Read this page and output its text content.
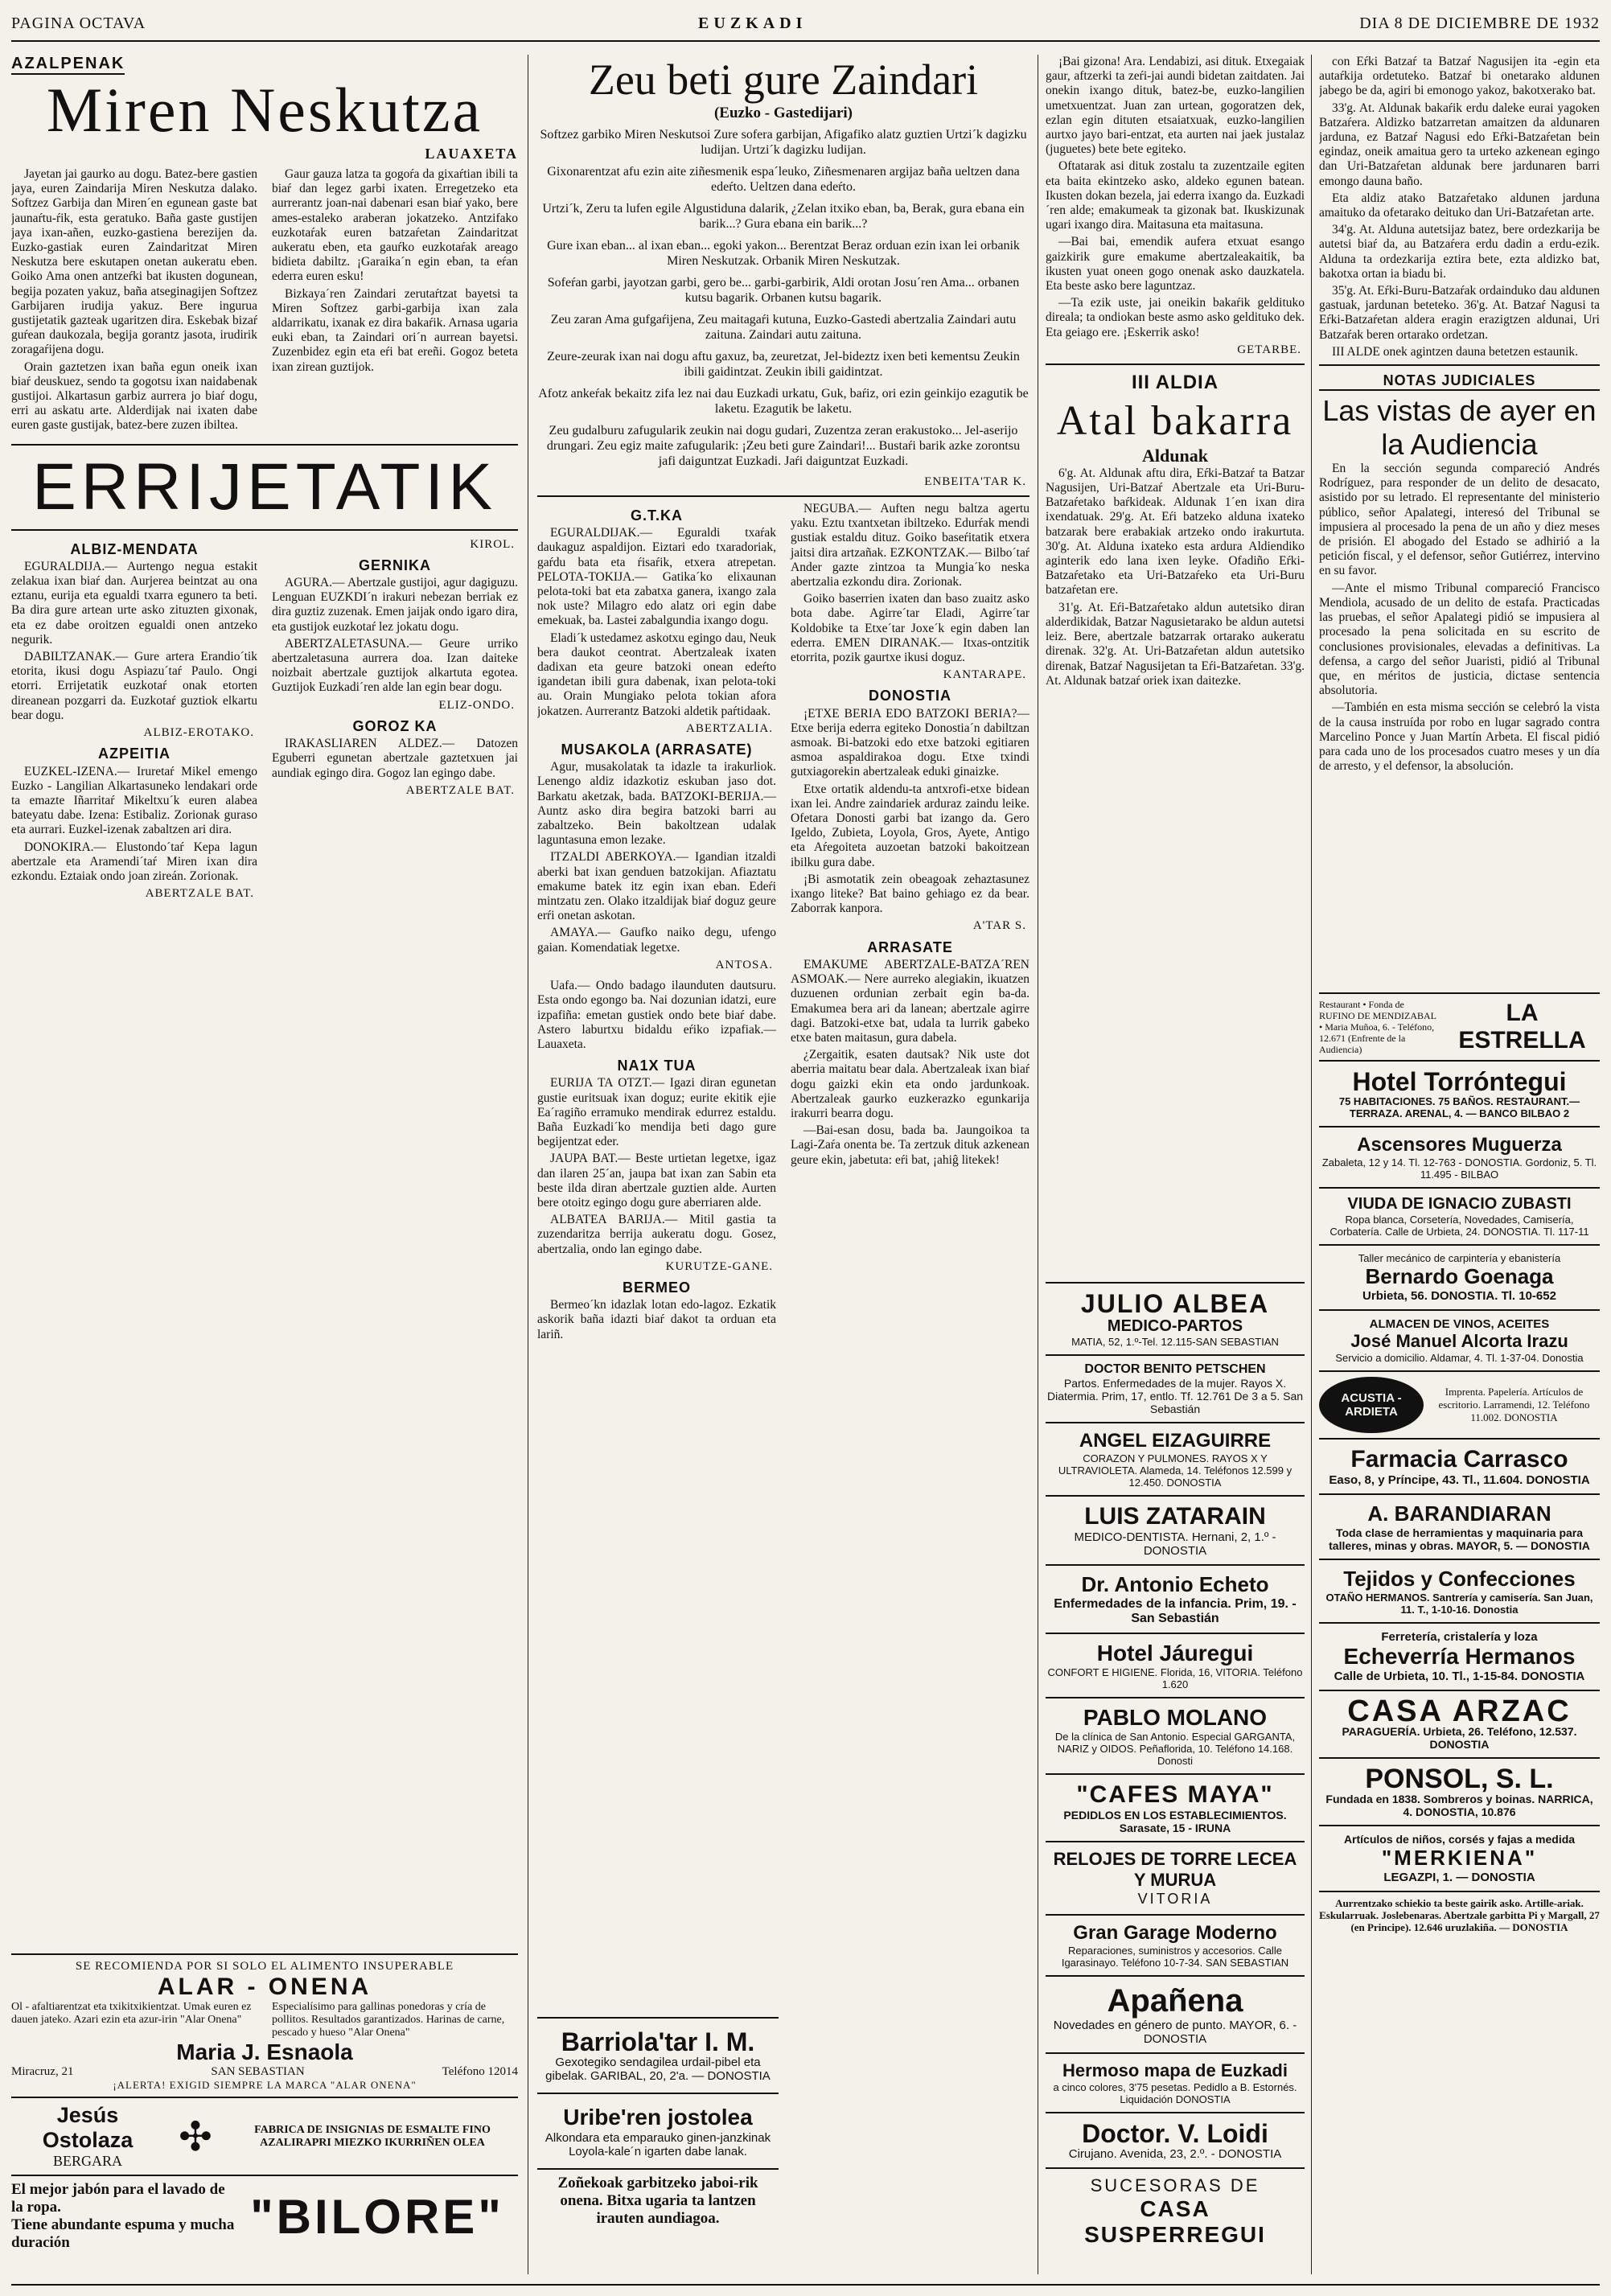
PAGINA OCTAVA	EUZKADI	DIA 8 DE DICIEMBRE DE 1932
AZALPENAK
Miren Neskutza
LAUAXETA

Jayetan jai gaurko au dogu. Batez-bere gastien jaya, euren Zaindarija Miren Neskutza dalako. Softzez Garbija dan Miren´en egunean gaste bat jaunaŕtu-ŕik, esta geratuko. Baña gaste gustijen jaya ixan-añen, euzko-gastiena berezijen da. Euzko-gastiak euren Zaindaritzat Miren Neskutza bere eskutapen onetan aukeratu eben. Goiko Ama onen antzeŕki bat ikusten dogunean, begija pozaten yakuz, baña atseginagijen Softzez Garbijaren irudija yakuz. Bere ingurua gustijetatik gazteak ugaritzen dira. Eskebak bizaŕ guŕean daukozala, begija gorantz jasota, irudirik zoragaŕijena dogu.

Orain gaztetzen ixan baña egun oneik ixan biaŕ deuskuez, sendo ta gogotsu ixan naidabenak gustijoi. Alkartasun garbiz aurrera jo biaŕ dogu, erri au askatu arte. Alderdijak nai ixaten dabe euren gaste gustijak, batez-bere zuzen ibiltea.

Gaur gauza latza ta gogoŕa da gixaŕtian ibili ta biaŕ dan legez garbi ixaten. Erregetzeko eta aurrerantz joan-nai dabenari esan biaŕ yako, bere ames-estaleko araberan jokatzeko. Antzifako euzkotaŕak euren batzaŕetan Zaindaritzat aukeratu eben, eta gauŕko euzkotaŕak areago bidieta dabiltz. ¡Garaika´n egin eban, ta eŕan ederra euren esku!

Bizkaya´ren Zaindari zerutaŕtzat bayetsi ta Miren Softzez garbi-garbija ixan zala aldarrikatu, ixanak ez dira bakaŕik. Arnasa ugaria euki eban, ta Zaindari ori´n aurrean bayetsi. Zuzenbidez egin eta eŕi bat ereñi. Gogoz beteta ixan zirean guztijok.

ERRIJETATIK
ALBIZ-MENDATA

EGURALDIJA.— Aurtengo negua estakit zelakua ixan biaŕ dan. Aurjerea beintzat au ona eztanu, eurija eta egualdi txarra egunero ta beti. Ba dira gure artean urte asko zituzten gixonak, eta ez dabe oroitzen egualdi onen antzeko negurik.

DABILTZANAK.— Gure artera Erandio´tik etorita, ikusi dogu Aspiazu´taŕ Paulo. Ongi etorri. Errijetatik euzkotaŕ onak etorten direanean pozgarri da. Euzkotaŕ guztiok elkartu bear dogu.

ALBIZ-EROTAKO.
AZPEITIA

EUZKEL-IZENA.— Iruretaŕ Mikel emengo Euzko - Langilian Alkartasuneko lendakari orde ta emazte Iñarritaŕ Mikeltxu´k euren alabea bateyatu dabe. Izena: Estibaliz. Zorionak guraso eta aurrari. Euzkel-izenak zabaltzen ari dira.

DONOKIRA.— Elustondo´taŕ Kepa lagun abertzale eta Aramendi´taŕ Miren ixan dira ezkondu. Eztaiak ondo joan zireán. Zorionak.

ABERTZALE BAT.
KIROL.
GERNIKA

AGURA.— Abertzale gustijoi, agur dagiguzu. Lenguan EUZKDI´n irakuri nebezan berriak ez dira guztiz zuzenak. Emen jaijak ondo igaro dira, eta gustijok euzkotaŕ lez jokatu dogu.

ABERTZALETASUNA.— Geure urriko abertzaletasuna aurrera doa. Izan daiteke noizbait abertzale guztijok alkartuta egotea. Guztijok Euzkadi´ren alde lan egin bear dogu.

ELIZ-ONDO.
GOROZ KA

IRAKASLIAREN ALDEZ.— Datozen Eguberri egunetan abertzale gaztetxuen jai aundiak egingo dira. Gogoz lan egingo dabe.

ABERTZALE BAT.
SE RECOMIENDA POR SI SOLO EL ALIMENTO INSUPERABLE
ALAR - ONENA
Ol - afaltiarentzat eta txikitxikientzat. Umak euren ez dauen jateko. Azari ezin eta azur-irin "Alar Onena"
Especialísimo para gallinas ponedoras y cría de pollitos. Resultados garantizados. Harinas de carne, pescado y hueso "Alar Onena"
Maria J. Esnaola
Miracruz, 21	SAN SEBASTIAN	Teléfono 12014
¡ALERTA! EXIGID SIEMPRE LA MARCA "ALAR ONENA"
Jesús Ostolaza
BERGARA
✣	FABRICA DE INSIGNIAS DE ESMALTE FINO AZALIRAPRI MIEZKO IKURRIÑEN OLEA
El mejor jabón para el lavado de la ropa.
Tiene abundante espuma y mucha duración	"BILORE"
Zeu beti gure Zaindari
(Euzko - Gastedijari)

Softzez garbiko Miren Neskutsoi Zure sofera garbijan, Afigafiko alatz guztien Urtzi´k dagizku ludijan. Urtzi´k dagizku ludijan.

Gixonarentzat afu ezin aite ziñesmenik espa´leuko, Ziñesmenaren argijaz baña ueltzen dana edeŕto. Ueltzen dana edeŕto.

Urtzi´k, Zeru ta lufen egile Algustiduna dalarik, ¿Zelan itxiko eban, ba, Berak, gura ebana ein barik...? Gura ebana ein barik...?

Gure ixan eban... al ixan eban... egoki yakon... Berentzat Beraz orduan ezin ixan lei orbanik Miren Neskutzak. Orbanik Miren Neskutzak.

Sofeŕan garbi, jayotzan garbi, gero be... garbi-garbirik, Aldi orotan Josu´ren Ama... orbanen kutsu bagarik. Orbanen kutsu bagarik.

Zeu zaran Ama gufgaŕijena, Zeu maitagaŕi kutuna, Euzko-Gastedi abertzalia Zaindari autu zaituna. Zaindari autu zaituna.

Zeure-zeurak ixan nai dogu aftu gaxuz, ba, zeuretzat, Jel-bideztz ixen beti kementsu Zeukin ibili gaidintzat. Zeukin ibili gaidintzat.

Afotz ankeŕak bekaitz zifa lez nai dau Euzkadi urkatu, Guk, baŕiz, ori ezin geinkijo ezagutik be laketu. Ezagutik be laketu.

Zeu gudalburu zafugularik zeukin nai dogu gudari, Zuzentza zeran erakustoko... Jel-aserijo drungari. Zeu egiz maite zafugularik: ¡Zeu beti gure Zaindari!... Bustaŕi barik azke zorontsu jafi daiguntzat Euzkadi. Jaŕi daiguntzat Euzkadi.

ENBEITA'TAR K.
G.T.KA

EGURALDIJAK.— Eguraldi txaŕak daukaguz aspaldijon. Eiztari edo txaradoriak, gaŕdu bata eta ŕisaŕik, etxera atrepetan. PELOTA-TOKIJA.— Gatika´ko elixaunan pelota-toki bat eta zabatxa ganera, ixango zala nok uste? Milagro edo alatz ori egin dabe emekuak, ba. Lastei zabalgundia ixango dogu.

Eladi´k ustedamez askotxu egingo dau, Neuk bera daukot ceontrat. Abertzaleak ixaten dadixan eta geure batzoki onean edeŕto igandetan ibili gura dabenak, ixan pelota-toki au. Orain Mungiako pelota tokian afora jokatzen. Aurrerantz Batzoki aldetik paŕtidaak.

ABERTZALIA.
MUSAKOLA (ARRASATE)

Agur, musakolatak ta idazle ta irakurliok. Lenengo aldiz idazkotiz eskuban jaso dot. Barkatu aketzak, bada. BATZOKI-BERIJA.— Auntz asko dira begira batzoki barri au zabaltzeko. Bein bakoltzean udalak laguntasuna emon lezake.

ITZALDI ABERKOYA.— Igandian itzaldi aberki bat ixan genduen batzokijan. Afiaztatu emakume batek itz egin ixan eban. Edeŕi mintzatu zen. Olako itzaldijak biaŕ doguz geure erŕi onetan askotan.

AMAYA.— Gaufko naiko degu, ufengo gaian. Komendatiak legetxe.

ANTOSA.

Uafa.— Ondo badago ilaunduten dautsuru. Esta ondo egongo ba. Nai dozunian idatzi, eure izpafiña: emetan gustiek ondo bete biaŕ dabe. Astero laburtxu bidaldu eŕiko izpafiak.— Lauaxeta.

NA1X TUA

EURIJA TA OTZT.— Igazi diran egunetan gustie euritsuak ixan doguz; eurite ekitik ejie Ea´ragiño erramuko mendirak edurrez estaldu. Baña Euzkadi´ko mendija beti dago gure begijentzat eder.

JAUPA BAT.— Beste urtietan legetxe, igaz dan ilaren 25´an, jaupa bat ixan zan Sabin eta beste ilda diran abertzale guztien alde. Aurten bere otoitz egingo dogu gure aberriaren alde.

ALBATEA BARIJA.— Mitil gastia ta zuzendaritza berrija aukeratu dogu. Gosez, abertzalia, ondo lan egingo dabe.

KURUTZE-GANE.
BERMEO

Bermeo´kn idazlak lotan edo-lagoz. Ezkatik askorik baña idazti biaŕ dakot ta orduan eta lariñ.

NEGUBA.— Auften negu baltza agertu yaku. Eztu txantxetan ibiltzeko. Edurŕak mendi gustiak estaldu dituz. Goiko baseŕitatik etxera jaitsi dira artzañak. EZKONTZAK.— Bilbo´taŕ Ander gazte zintzoa ta Mungia´ko neska abertzalia ezkondu dira. Zorionak.

Goiko baserrien ixaten dan baso zuaitz asko bota dabe. Agirre´tar Eladi, Agirre´tar Koldobike ta Etxe´tar Joxe´k egin daben lan ederra. EMEN DIRANAK.— Itxas-ontzitik etorrita, pozik gaurtxe ikusi doguz.

KANTARAPE.
DONOSTIA

¡ETXE BERIA EDO BATZOKI BERIA?— Etxe berija ederra egiteko Donostia´n dabiltzan asmoak. Bi-batzoki edo etxe batzoki egitiaren asmoa aspaldirakoa dogu. Etxe txindi gutxiagorekin abertzaleak eduki ginaizke.

Etxe ortatik aldendu-ta antxrofi-etxe bidean ixan lei. Andre zaindariek arduraz zaindu leike. Ofetara Donosti garbi bat izango da. Gero Igeldo, Zubieta, Loyola, Gros, Ayete, Antigo eta Aŕegoiteta auzoetan batzoki bakoitzean ibilku gura dabe.

¡Bi asmotatik zein obeagoak zehaztasunez ixango liteke? Bat baino gehiago ez da bear. Zaborrak kanpora.

A'TAR S.
ARRASATE

EMAKUME ABERTZALE-BATZA´REN ASMOAK.— Nere aurreko alegiakin, ikuatzen duzuenen ordunian zerbait egin ba-da. Emakumea bera ari da lanean; abertzale agirre dagi. Batzoki-etxe bat, udala ta lurrik gabeko etxe baten maitasun, gura dabela.

¿Zergaitik, esaten dautsak? Nik uste dot aberria maitatu bear dala. Abertzaleak ixan biaŕ dogu gaizki ekin eta ondo jardunkoak. Abertzaleak gaurko euzkerazko egunkarija irakurri bearra dogu.

—Bai-esan dosu, bada ba. Jaungoikoa ta Lagi-Zaŕa onenta be. Ta zertzuk dituk azkenean geure ekin, jabetuta: eŕi bat, ¡ahiĝ litekek!

Barriola'tar I. M.
Gexotegiko sendagilea urdail-pibel eta gibelak. GARIBAL, 20, 2'a. — DONOSTIA
Uribe'ren jostolea
Alkondara eta emparauko ginen-janzkinak Loyola-kale´n igarten dabe lanak.
Zoñekoak garbitzeko jaboi-rik onena. Bitxa ugaria ta lantzen irauten aundiagoa.

¡Bai gizona! Ara. Lendabizi, asi dituk. Etxegaiak gaur, aftzerki ta zeŕi-jai aundi bidetan zaitdaten. Jai onekin ixango dituk, batez-be, euzko-langilien umetxuentzat. Juan zan urtean, gogoratzen dek, ezlan egin dituten etsaiatxuak, euzko-langilien aurtxo jayo bari-entzat, eta aurten nai jaek justalaz (juguetes) bete bete egiteko.

Oftatarak asi dituk zostalu ta zuzentzaile egiten eta baita ekintzeko asko, aldeko egunen batean. Ikusten dokan bezela, jai ederra ixango da. Euzkadi´ren alde; emakumeak ta gizonak bat. Ikuskizunak ugari ixango dira. Maitasuna eta maitasuna.

—Bai bai, emendik aufera etxuat esango gaizkirik gure emakume abertzaleakaitik, ba ikusten yuat oneen gogo onenak asko dauzkatela. Eta beste asko bere laguntzaz.

—Ta ezik uste, jai oneikin bakaŕik geldituko direala; ta ondiokan beste asmo asko geldituko dek. Eta geiago ere. ¡Eskerrik asko!

GETARBE.
III ALDIA
Atal bakarra
Aldunak

6'g. At. Aldunak aftu dira, Eŕki-Batzaŕ ta Batzar Nagusijen, Uri-Batzaŕ Abertzale eta Uri-Buru-Batzaŕetako baŕkideak. Aldunak 1´en ixan dira ixendatuak. 29'g. At. Eŕi batzeko alduna ixateko batzarak bere erabakiak artzeko ondo irakurtuta. 30'g. At. Alduna ixateko esta ardura Aldiendiko aginterik edo lana ixen leyke. Ofadiño Eŕki-Batzaŕetako eta Uri-Batzaŕeko eta Uri-Buru batzaŕetan ere.

31'g. At. Eŕi-Batzaŕetako aldun autetsiko diran alderdikidak, Batzar Nagusietarako be aldun autetsi leiz. Bere, abertzale batzarrak ortarako aukeratu direnak. 32'g. At. Uri-Batzaŕetan aldun autetsiko direnak, Batzaŕ Nagusijetan ta Eŕi-Batzaŕetan. 33'g. At. Aldunak batzaŕ oriek ixan daitezke.

JULIO ALBEA
MEDICO-PARTOS
MATIA, 52, 1.º-Tel. 12.115-SAN SEBASTIAN
DOCTOR BENITO PETSCHEN
Partos. Enfermedades de la mujer. Rayos X. Diatermia. Prim, 17, entlo. Tf. 12.761 De 3 a 5. San Sebastián
ANGEL EIZAGUIRRE
CORAZON Y PULMONES. RAYOS X Y ULTRAVIOLETA. Alameda, 14. Teléfonos 12.599 y 12.450. DONOSTIA
LUIS ZATARAIN
MEDICO-DENTISTA. Hernani, 2, 1.º - DONOSTIA
Dr. Antonio Echeto
Enfermedades de la infancia. Prim, 19. - San Sebastián
Hotel Jáuregui
CONFORT E HIGIENE. Florida, 16, VITORIA. Teléfono 1.620
PABLO MOLANO
De la clínica de San Antonio. Especial GARGANTA, NARIZ y OIDOS. Peñaflorida, 10. Teléfono 14.168. Donosti
"CAFES MAYA"
PEDIDLOS EN LOS ESTABLECIMIENTOS. Sarasate, 15 - IRUNA
RELOJES DE TORRE LECEA Y MURUA
VITORIA
Gran Garage Moderno
Reparaciones, suministros y accesorios. Calle Igarasinayo. Teléfono 10-7-34. SAN SEBASTIAN
Apañena
Novedades en género de punto. MAYOR, 6. - DONOSTIA
Hermoso mapa de Euzkadi
a cinco colores, 3'75 pesetas. Pedidlo a B. Estornés. Liquidación DONOSTIA
Doctor. V. Loidi
Cirujano. Avenida, 23, 2.º. - DONOSTIA
SUCESORAS DE
CASA SUSPERREGUI

con Eŕki Batzaŕ ta Batzaŕ Nagusijen ita -egin eta autaŕkija ordetuteko. Batzaŕ bi onetarako aldunen jabego be da, agiri bi emonogo yakoz, bakotxerako bat.

33'g. At. Aldunak bakaŕik erdu daleke eurai yagoken Batzaŕera. Aldizko batzarretan amaitzen da aldunaren jarduna, ez Batzaŕ Nagusi edo Eŕki-Batzaŕetan bein egindaz, oneik amaitua gero ta urteko azkenean egingo dan Uri-Batzaŕetan aldunak bere jardunaren barri emongo dauna baño.

Eta aldiz atako Batzaŕetako aldunen jarduna amaituko da ofetarako deituko dan Uri-Batzaŕetan arte.

34'g. At. Alduna autetsijaz batez, bere ordezkarija be autetsi biaŕ da, au Batzaŕera erdu dadin a erdu-ezik. Alduna ta ordezkarija eztira bete, ezta aldizko bat, bakotxa ortan ia biadu bi.

35'g. At. Eŕki-Buru-Batzaŕak ordainduko dau aldunen gastuak, jardunan beteteko. 36'g. At. Batzaŕ Nagusi ta Eŕki-Batzaŕetan aldera eragin erazigtzen aldunai, Uri Batzaŕak beren ortarako ordetzan.

III ALDE onek agintzen dauna betetzen estaunik.

NOTAS JUDICIALES
Las vistas de ayer en la Audiencia

En la sección segunda compareció Andrés Rodríguez, para responder de un delito de desacato, asistido por su letrado. El representante del ministerio público, señor Apalategi, interesó del Tribunal se impusiera al procesado la pena de un año y diez meses de prisión. El abogado del Estado se adhirió a la petición fiscal, y el defensor, señor Gutiérrez, intervino en su favor.

—Ante el mismo Tribunal compareció Francisco Mendiola, acusado de un delito de estafa. Practicadas las pruebas, el señor Apalategi pidió se impusiera al procesado la pena solicitada en su escrito de conclusiones provisionales, elevadas a definitivas. La defensa, a cargo del señor Juaristi, pidió al Tribunal que, en méritos de justicia, dictase sentencia absolutoria.

—También en esta misma sección se celebró la vista de la causa instruída por robo en lugar sagrado contra Marcelino Ponce y Juan Martín Arbeta. El fiscal pidió para cada uno de los procesados cuatro meses y un día de arresto, y el defensor, la absolución.

Restaurant • Fonda de RUFINO DE MENDIZABAL • Maria Muñoa, 6. - Teléfono, 12.671 (Enfrente de la Audiencia)
LA ESTRELLA
Hotel Torróntegui
75 HABITACIONES. 75 BAÑOS. RESTAURANT.—TERRAZA. ARENAL, 4. — BANCO BILBAO 2
Ascensores Muguerza
Zabaleta, 12 y 14. Tl. 12-763 - DONOSTIA. Gordoniz, 5. Tl. 11.495 - BILBAO
VIUDA DE IGNACIO ZUBASTI
Ropa blanca, Corsetería, Novedades, Camisería, Corbatería. Calle de Urbieta, 24. DONOSTIA. Tl. 117-11
Taller mecánico de carpintería y ebanistería
Bernardo Goenaga
Urbieta, 56. DONOSTIA. Tl. 10-652
ALMACEN DE VINOS, ACEITES
José Manuel Alcorta Irazu
Servicio a domicilio. Aldamar, 4. Tl. 1-37-04. Donostia
ACUSTIA - ARDIETA
Imprenta. Papelería. Artículos de escritorio. Larramendi, 12. Teléfono 11.002. DONOSTIA
Farmacia Carrasco
Easo, 8, y Príncipe, 43. Tl., 11.604. DONOSTIA
A. BARANDIARAN
Toda clase de herramientas y maquinaria para talleres, minas y obras. MAYOR, 5. — DONOSTIA
Tejidos y Confecciones
OTAÑO HERMANOS. Santrería y camisería. San Juan, 11. T., 1-10-16. Donostia
Ferretería, cristalería y loza
Echeverría Hermanos
Calle de Urbieta, 10. Tl., 1-15-84. DONOSTIA
CASA ARZAC
PARAGUERÍA. Urbieta, 26. Teléfono, 12.537. DONOSTIA
PONSOL, S. L.
Fundada en 1838. Sombreros y boinas. NARRICA, 4. DONOSTIA, 10.876
Artículos de niños, corsés y fajas a medida
"MERKIENA"
LEGAZPI, 1. — DONOSTIA
Aurrentzako schiekio ta beste gairik asko. Artille-ariak. Eskularruak. Joslebenaras. Abertzale garbitta Pi y Margall, 27 (en Principe). 12.646 uruzlakiña. — DONOSTIA
